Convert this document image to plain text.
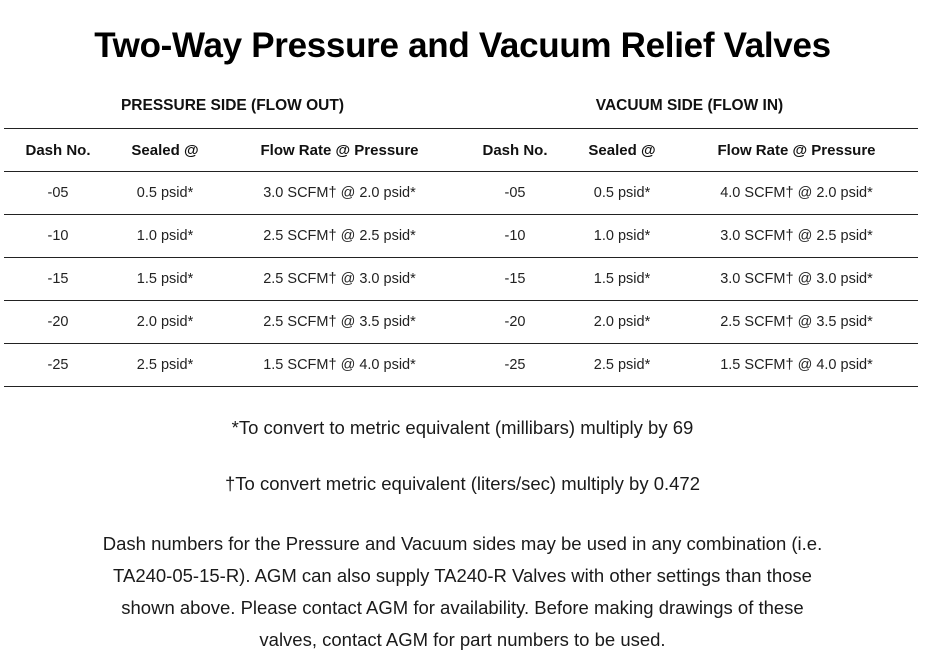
Two-Way Pressure and Vacuum Relief Valves
PRESSURE SIDE (FLOW OUT)	VACUUM SIDE (FLOW IN)
Dash No.	Sealed @	Flow Rate @ Pressure	Dash No.	Sealed @	Flow Rate @ Pressure
-05	0.5 psid*	3.0 SCFM† @ 2.0 psid*	-05	0.5 psid*	4.0 SCFM† @ 2.0 psid*
-10	1.0 psid*	2.5 SCFM† @ 2.5 psid*	-10	1.0 psid*	3.0 SCFM† @ 2.5 psid*
-15	1.5 psid*	2.5 SCFM† @ 3.0 psid*	-15	1.5 psid*	3.0 SCFM† @ 3.0 psid*
-20	2.0 psid*	2.5 SCFM† @ 3.5 psid*	-20	2.0 psid*	2.5 SCFM† @ 3.5 psid*
-25	2.5 psid*	1.5 SCFM† @ 4.0 psid*	-25	2.5 psid*	1.5 SCFM† @ 4.0 psid*
*To convert to metric equivalent (millibars) multiply by 69
†To convert metric equivalent (liters/sec) multiply by 0.472
Dash numbers for the Pressure and Vacuum sides may be used in any combination (i.e. TA240-05-15-R). AGM can also supply TA240-R Valves with other settings than those shown above. Please contact AGM for availability. Before making drawings of these valves, contact AGM for part numbers to be used.
